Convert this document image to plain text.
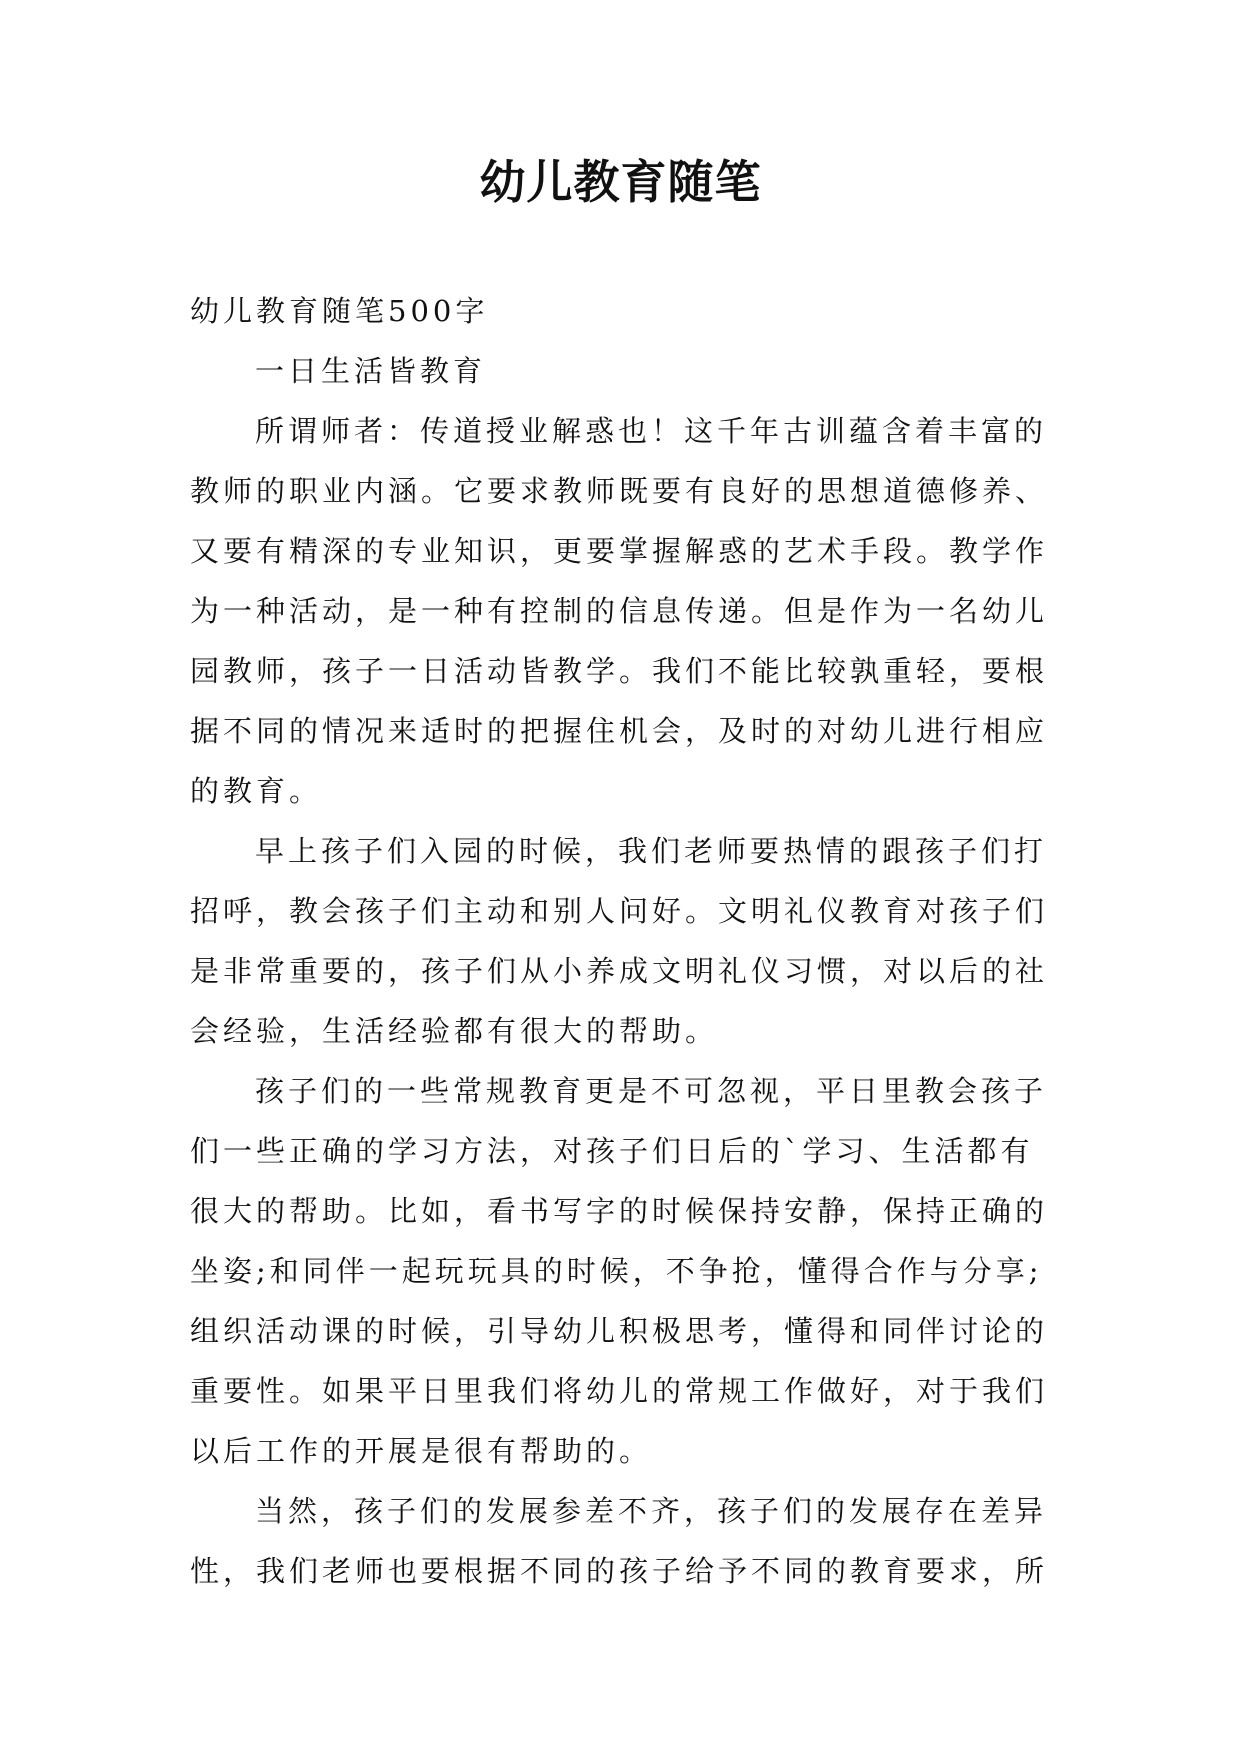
幼儿教育随笔

幼儿教育随笔500字

一日生活皆教育

所谓师者：传道授业解惑也！这千年古训蕴含着丰富的

教师的职业内涵。它要求教师既要有良好的思想道德修养、

又要有精深的专业知识，更要掌握解惑的艺术手段。教学作

为一种活动，是一种有控制的信息传递。但是作为一名幼儿

园教师，孩子一日活动皆教学。我们不能比较孰重轻，要根

据不同的情况来适时的把握住机会，及时的对幼儿进行相应

的教育。

早上孩子们入园的时候，我们老师要热情的跟孩子们打

招呼，教会孩子们主动和别人问好。文明礼仪教育对孩子们

是非常重要的，孩子们从小养成文明礼仪习惯，对以后的社

会经验，生活经验都有很大的帮助。

孩子们的一些常规教育更是不可忽视，平日里教会孩子

们一些正确的学习方法，对孩子们日后的`学习、生活都有

很大的帮助。比如，看书写字的时候保持安静，保持正确的

坐姿;和同伴一起玩玩具的时候，不争抢，懂得合作与分享;

组织活动课的时候，引导幼儿积极思考，懂得和同伴讨论的

重要性。如果平日里我们将幼儿的常规工作做好，对于我们

以后工作的开展是很有帮助的。

当然，孩子们的发展参差不齐，孩子们的发展存在差异

性，我们老师也要根据不同的孩子给予不同的教育要求，所
